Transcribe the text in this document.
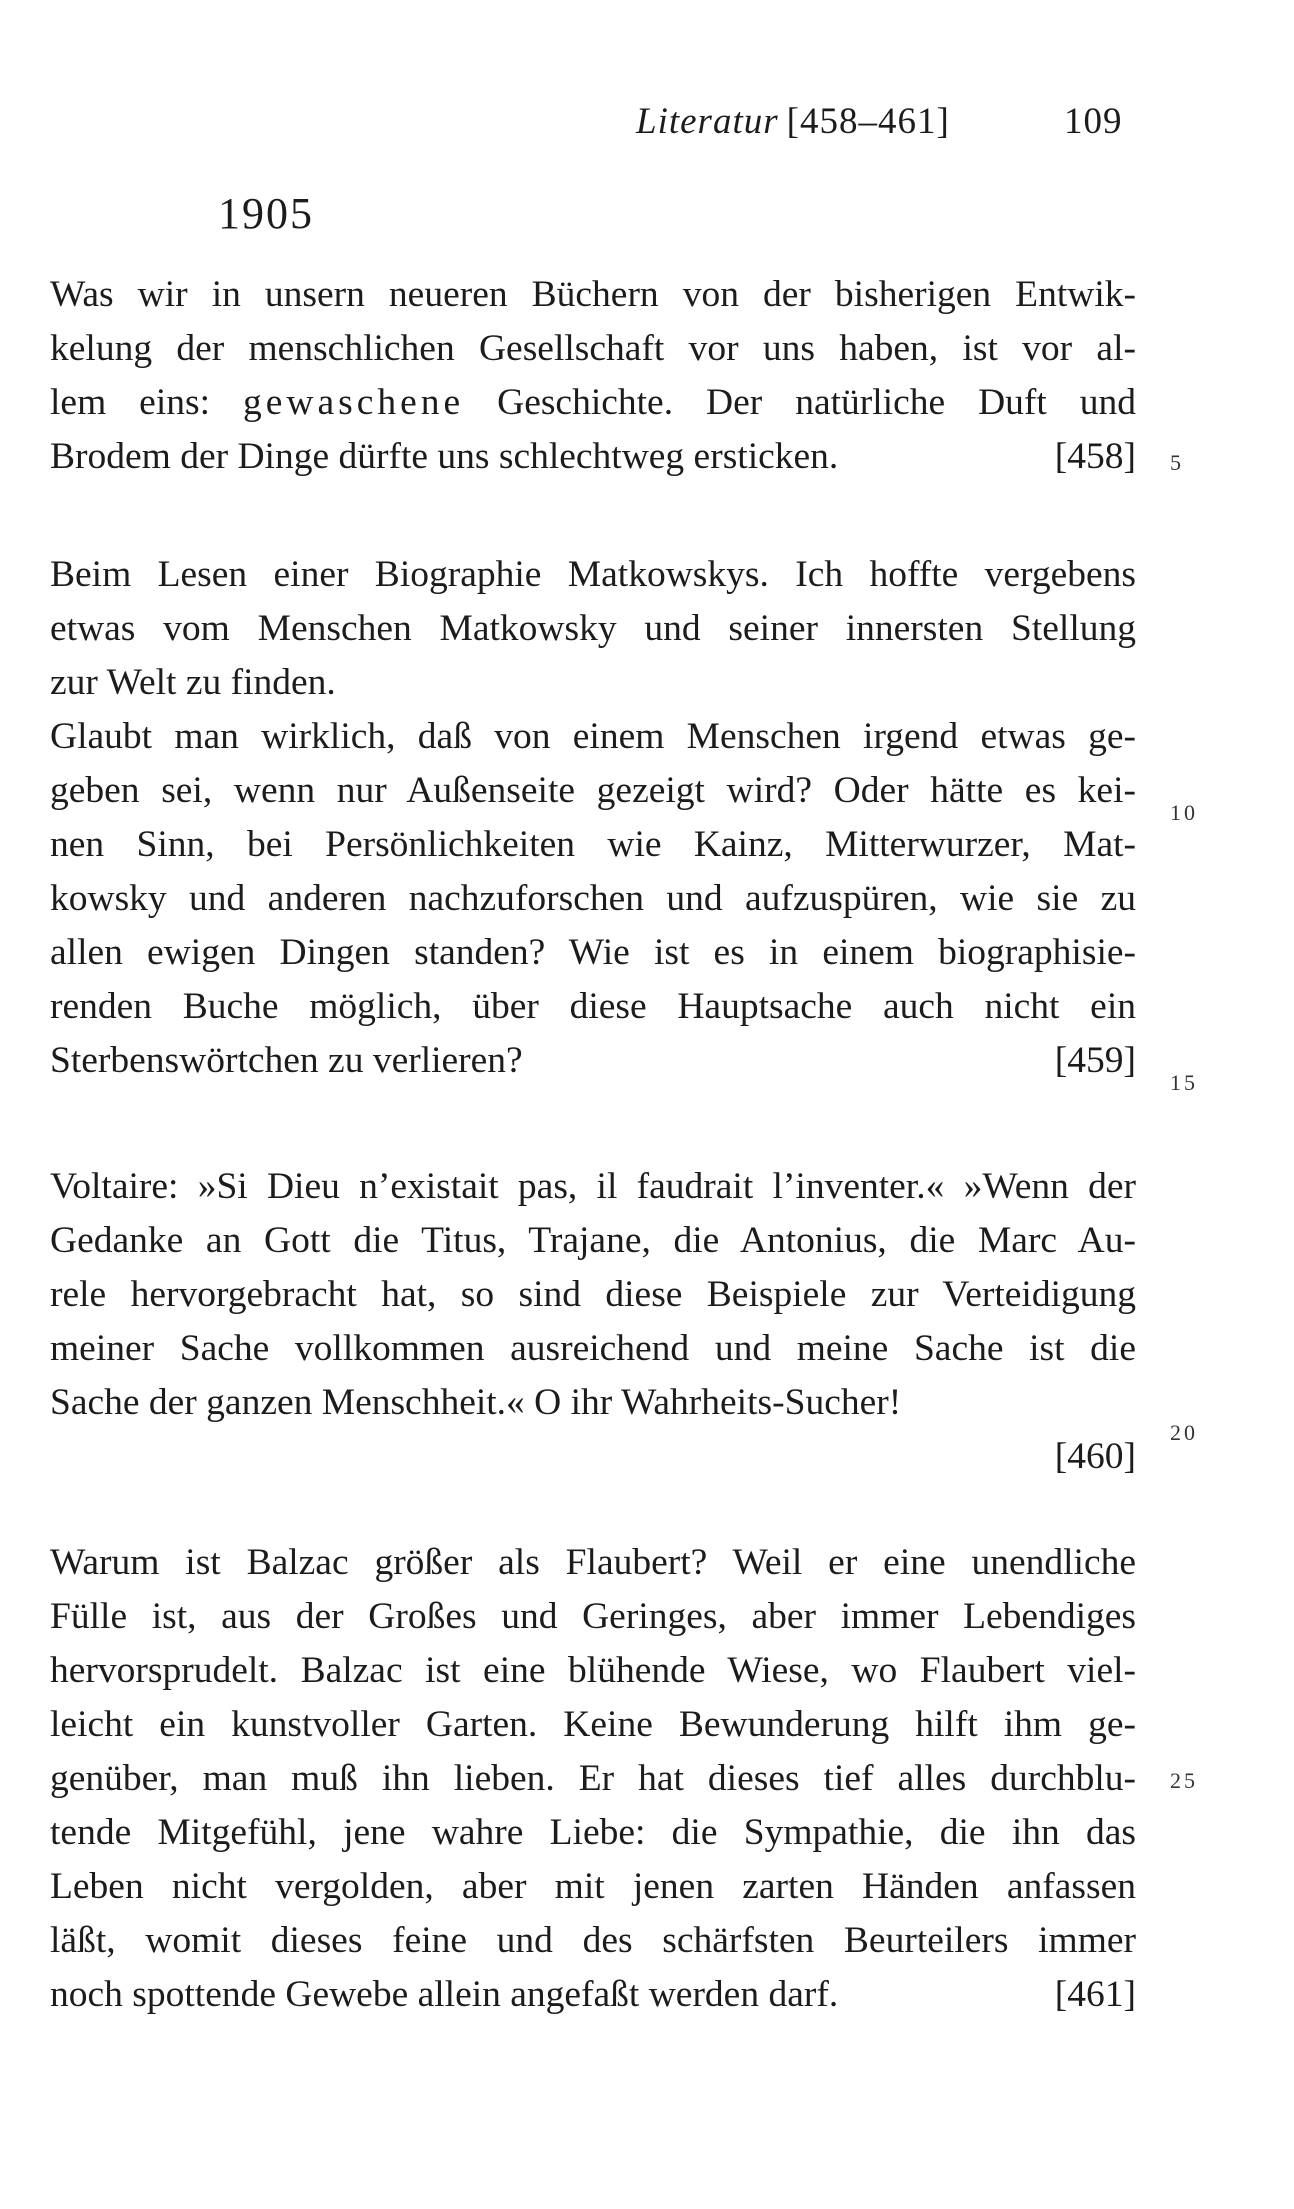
Literatur [458–461]	109
1905
Was wir in unsern neueren Büchern von der bisherigen Entwik-
kelung der menschlichen Gesellschaft vor uns haben, ist vor al-
lem eins: gewaschene Geschichte. Der natürliche Duft und
Brodem der Dinge dürfte uns schlechtweg ersticken.	[458]
Beim Lesen einer Biographie Matkowskys. Ich hoffte vergebens
etwas vom Menschen Matkowsky und seiner innersten Stellung
zur Welt zu finden.
Glaubt man wirklich, daß von einem Menschen irgend etwas ge-
geben sei, wenn nur Außenseite gezeigt wird? Oder hätte es kei-
nen Sinn, bei Persönlichkeiten wie Kainz, Mitterwurzer, Mat-
kowsky und anderen nachzuforschen und aufzuspüren, wie sie zu
allen ewigen Dingen standen? Wie ist es in einem biographisie-
renden Buche möglich, über diese Hauptsache auch nicht ein
Sterbenswörtchen zu verlieren?	[459]
Voltaire: »Si Dieu n’existait pas, il faudrait l’inventer.« »Wenn der
Gedanke an Gott die Titus, Trajane, die Antonius, die Marc Au-
rele hervorgebracht hat, so sind diese Beispiele zur Verteidigung
meiner Sache vollkommen ausreichend und meine Sache ist die
Sache der ganzen Menschheit.« O ihr Wahrheits-Sucher!
[460]
Warum ist Balzac größer als Flaubert? Weil er eine unendliche
Fülle ist, aus der Großes und Geringes, aber immer Lebendiges
hervorsprudelt. Balzac ist eine blühende Wiese, wo Flaubert viel-
leicht ein kunstvoller Garten. Keine Bewunderung hilft ihm ge-
genüber, man muß ihn lieben. Er hat dieses tief alles durchblu-
tende Mitgefühl, jene wahre Liebe: die Sympathie, die ihn das
Leben nicht vergolden, aber mit jenen zarten Händen anfassen
läßt, womit dieses feine und des schärfsten Beurteilers immer
noch spottende Gewebe allein angefaßt werden darf.	[461]
5
10
15
20
25
